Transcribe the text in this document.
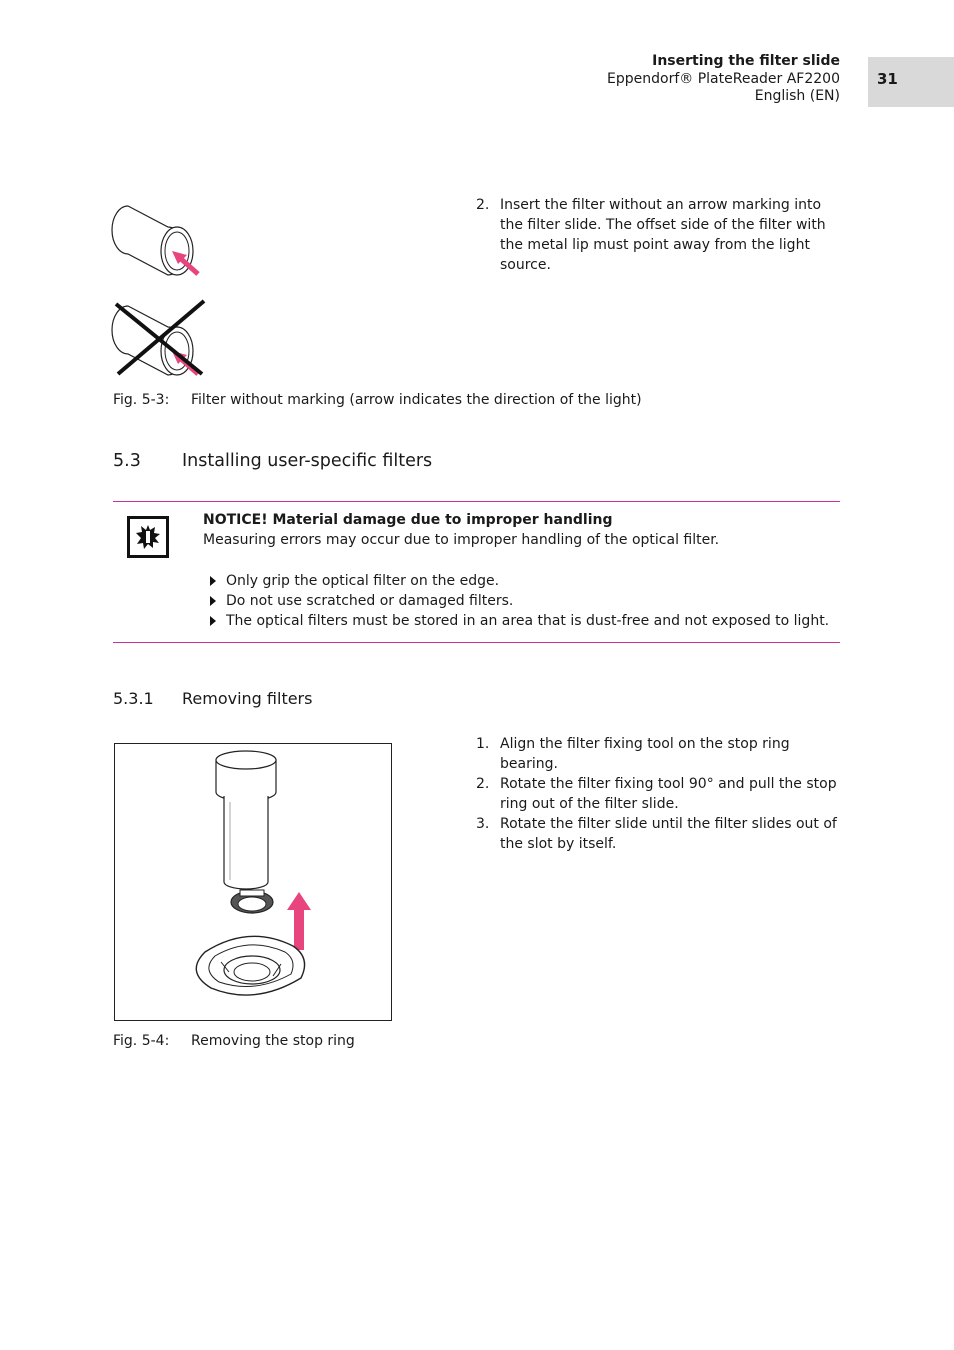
Inserting the filter slide
Eppendorf® PlateReader AF2200
English (EN)
31
2. Insert the filter without an arrow marking into the filter slide. The offset side of the filter with the metal lip must point away from the light source.
Fig. 5-3: Filter without marking (arrow indicates the direction of the light)
5.3 Installing user-specific filters
NOTICE! Material damage due to improper handling
Measuring errors may occur due to improper handling of the optical filter.
Only grip the optical filter on the edge.
Do not use scratched or damaged filters.
The optical filters must be stored in an area that is dust-free and not exposed to light.
5.3.1 Removing filters
1. Align the filter fixing tool on the stop ring bearing.
2. Rotate the filter fixing tool 90° and pull the stop ring out of the filter slide.
3. Rotate the filter slide until the filter slides out of the slot by itself.
Fig. 5-4: Removing the stop ring
